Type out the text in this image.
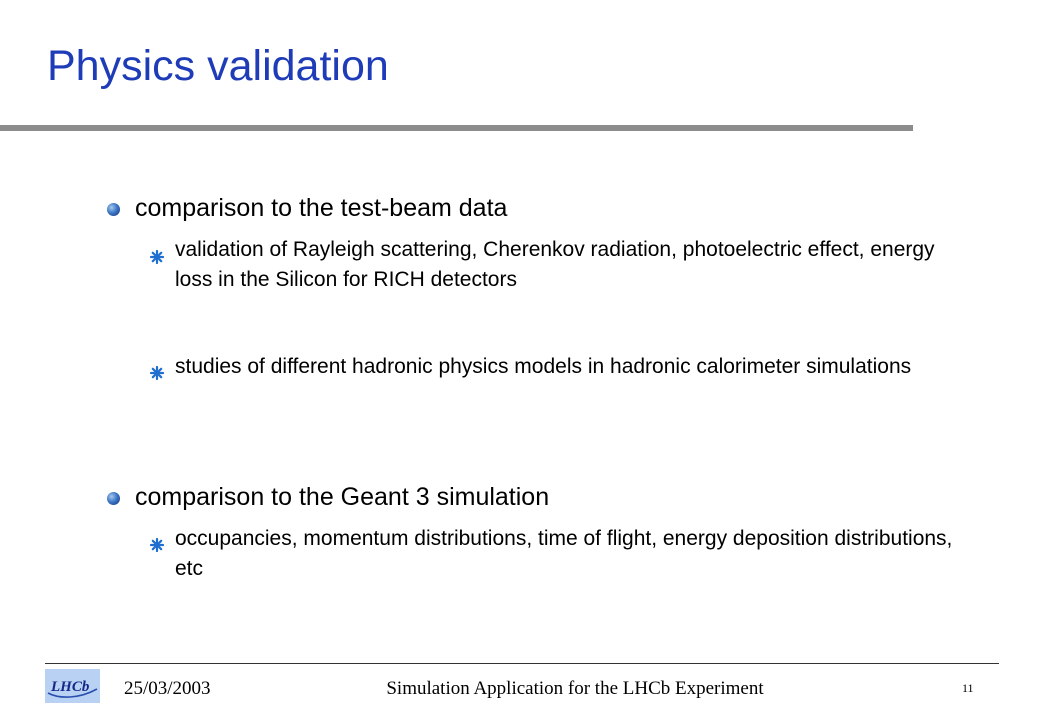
Physics validation
comparison to the test-beam data
validation of Rayleigh scattering, Cherenkov radiation, photoelectric effect, energy loss in the Silicon for RICH detectors
studies of different hadronic physics models in hadronic calorimeter simulations
comparison to the Geant 3 simulation
occupancies, momentum distributions, time of flight, energy deposition distributions, etc
LHCb 25/03/2003	Simulation Application for the LHCb Experiment	11
